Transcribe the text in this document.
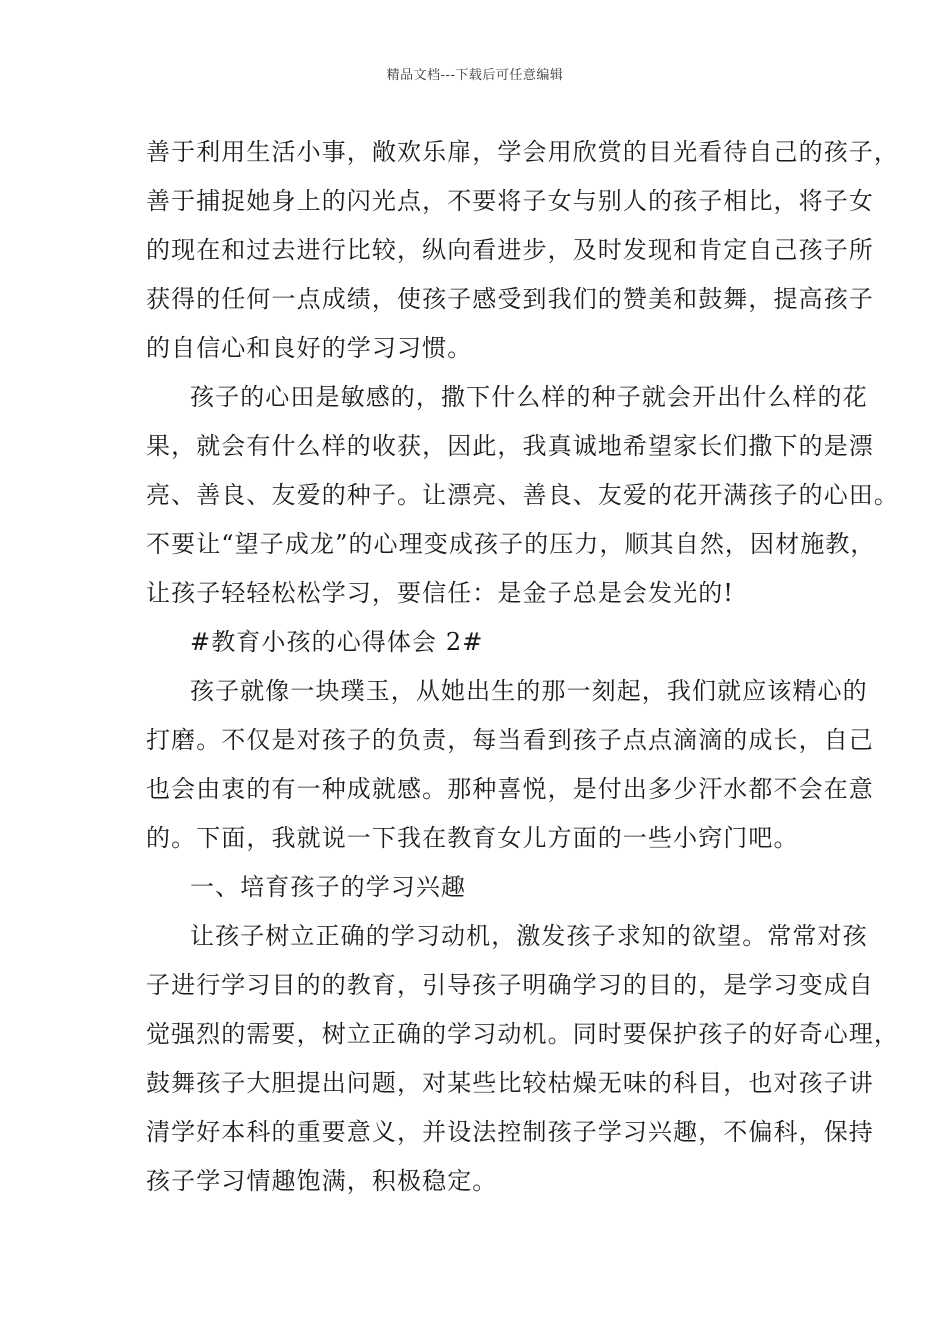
精品文档---下载后可任意编辑
善于利用生活小事，敞欢乐扉，学会用欣赏的目光看待自己的孩子，
善于捕捉她身上的闪光点，不要将子女与别人的孩子相比，将子女
的现在和过去进行比较，纵向看进步，及时发现和肯定自己孩子所
获得的任何一点成绩，使孩子感受到我们的赞美和鼓舞，提高孩子
的自信心和良好的学习习惯。
孩子的心田是敏感的，撒下什么样的种子就会开出什么样的花
果，就会有什么样的收获，因此，我真诚地希望家长们撒下的是漂
亮、善良、友爱的种子。让漂亮、善良、友爱的花开满孩子的心田。
不要让“望子成龙”的心理变成孩子的压力，顺其自然，因材施教，
让孩子轻轻松松学习，要信任：是金子总是会发光的!
#教育小孩的心得体会 2#
孩子就像一块璞玉，从她出生的那一刻起，我们就应该精心的
打磨。不仅是对孩子的负责，每当看到孩子点点滴滴的成长，自己
也会由衷的有一种成就感。那种喜悦，是付出多少汗水都不会在意
的。下面，我就说一下我在教育女儿方面的一些小窍门吧。
一、培育孩子的学习兴趣
让孩子树立正确的学习动机，激发孩子求知的欲望。常常对孩
子进行学习目的的教育，引导孩子明确学习的目的，是学习变成自
觉强烈的需要，树立正确的学习动机。同时要保护孩子的好奇心理，
鼓舞孩子大胆提出问题，对某些比较枯燥无味的科目，也对孩子讲
清学好本科的重要意义，并设法控制孩子学习兴趣，不偏科，保持
孩子学习情趣饱满，积极稳定。
